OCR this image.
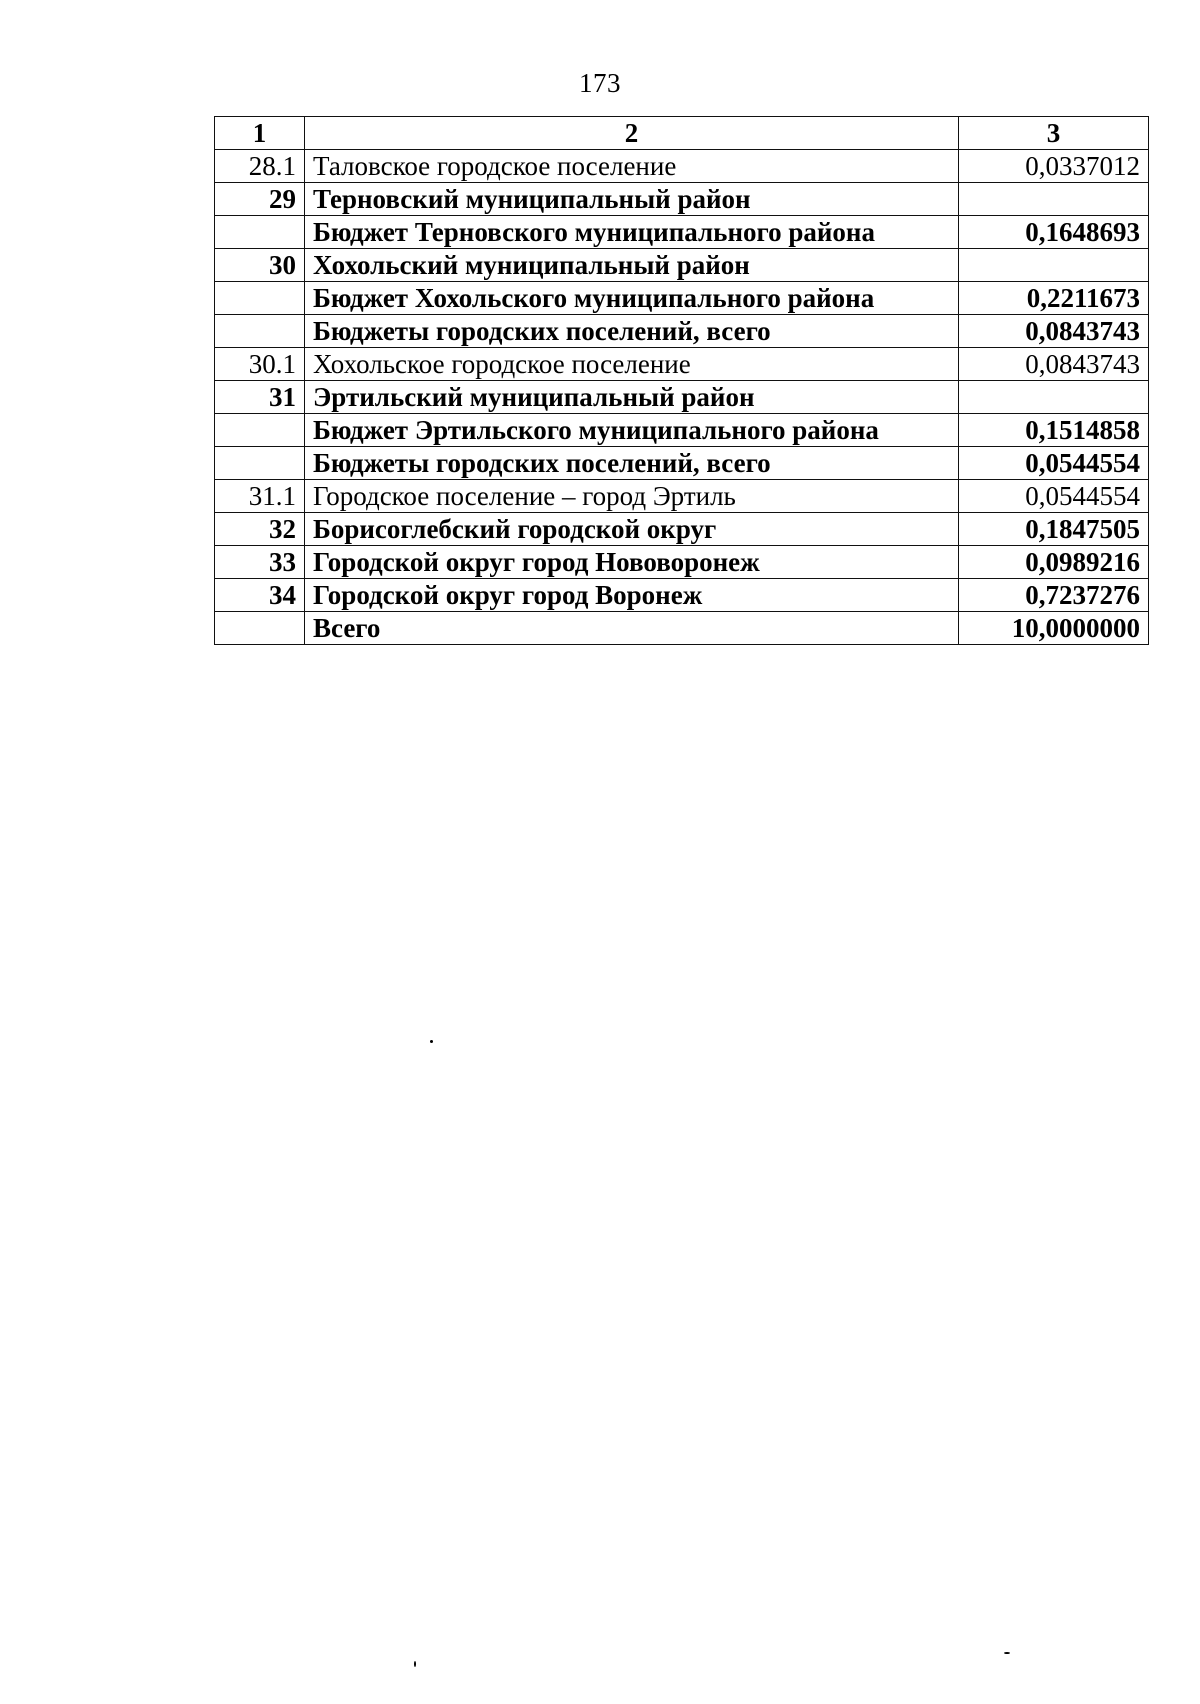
173
1	2	3
28.1	Таловское городское поселение	0,0337012
29	Терновский муниципальный район	
	Бюджет Терновского муниципального района	0,1648693
30	Хохольский муниципальный район	
	Бюджет Хохольского муниципального района	0,2211673
	Бюджеты городских поселений, всего	0,0843743
30.1	Хохольское городское поселение	0,0843743
31	Эртильский муниципальный район	
	Бюджет Эртильского муниципального района	0,1514858
	Бюджеты городских поселений, всего	0,0544554
31.1	Городское поселение – город Эртиль	0,0544554
32	Борисоглебский городской округ	0,1847505
33	Городской округ город Нововоронеж	0,0989216
34	Городской округ город Воронеж	0,7237276
	Всего	10,0000000
